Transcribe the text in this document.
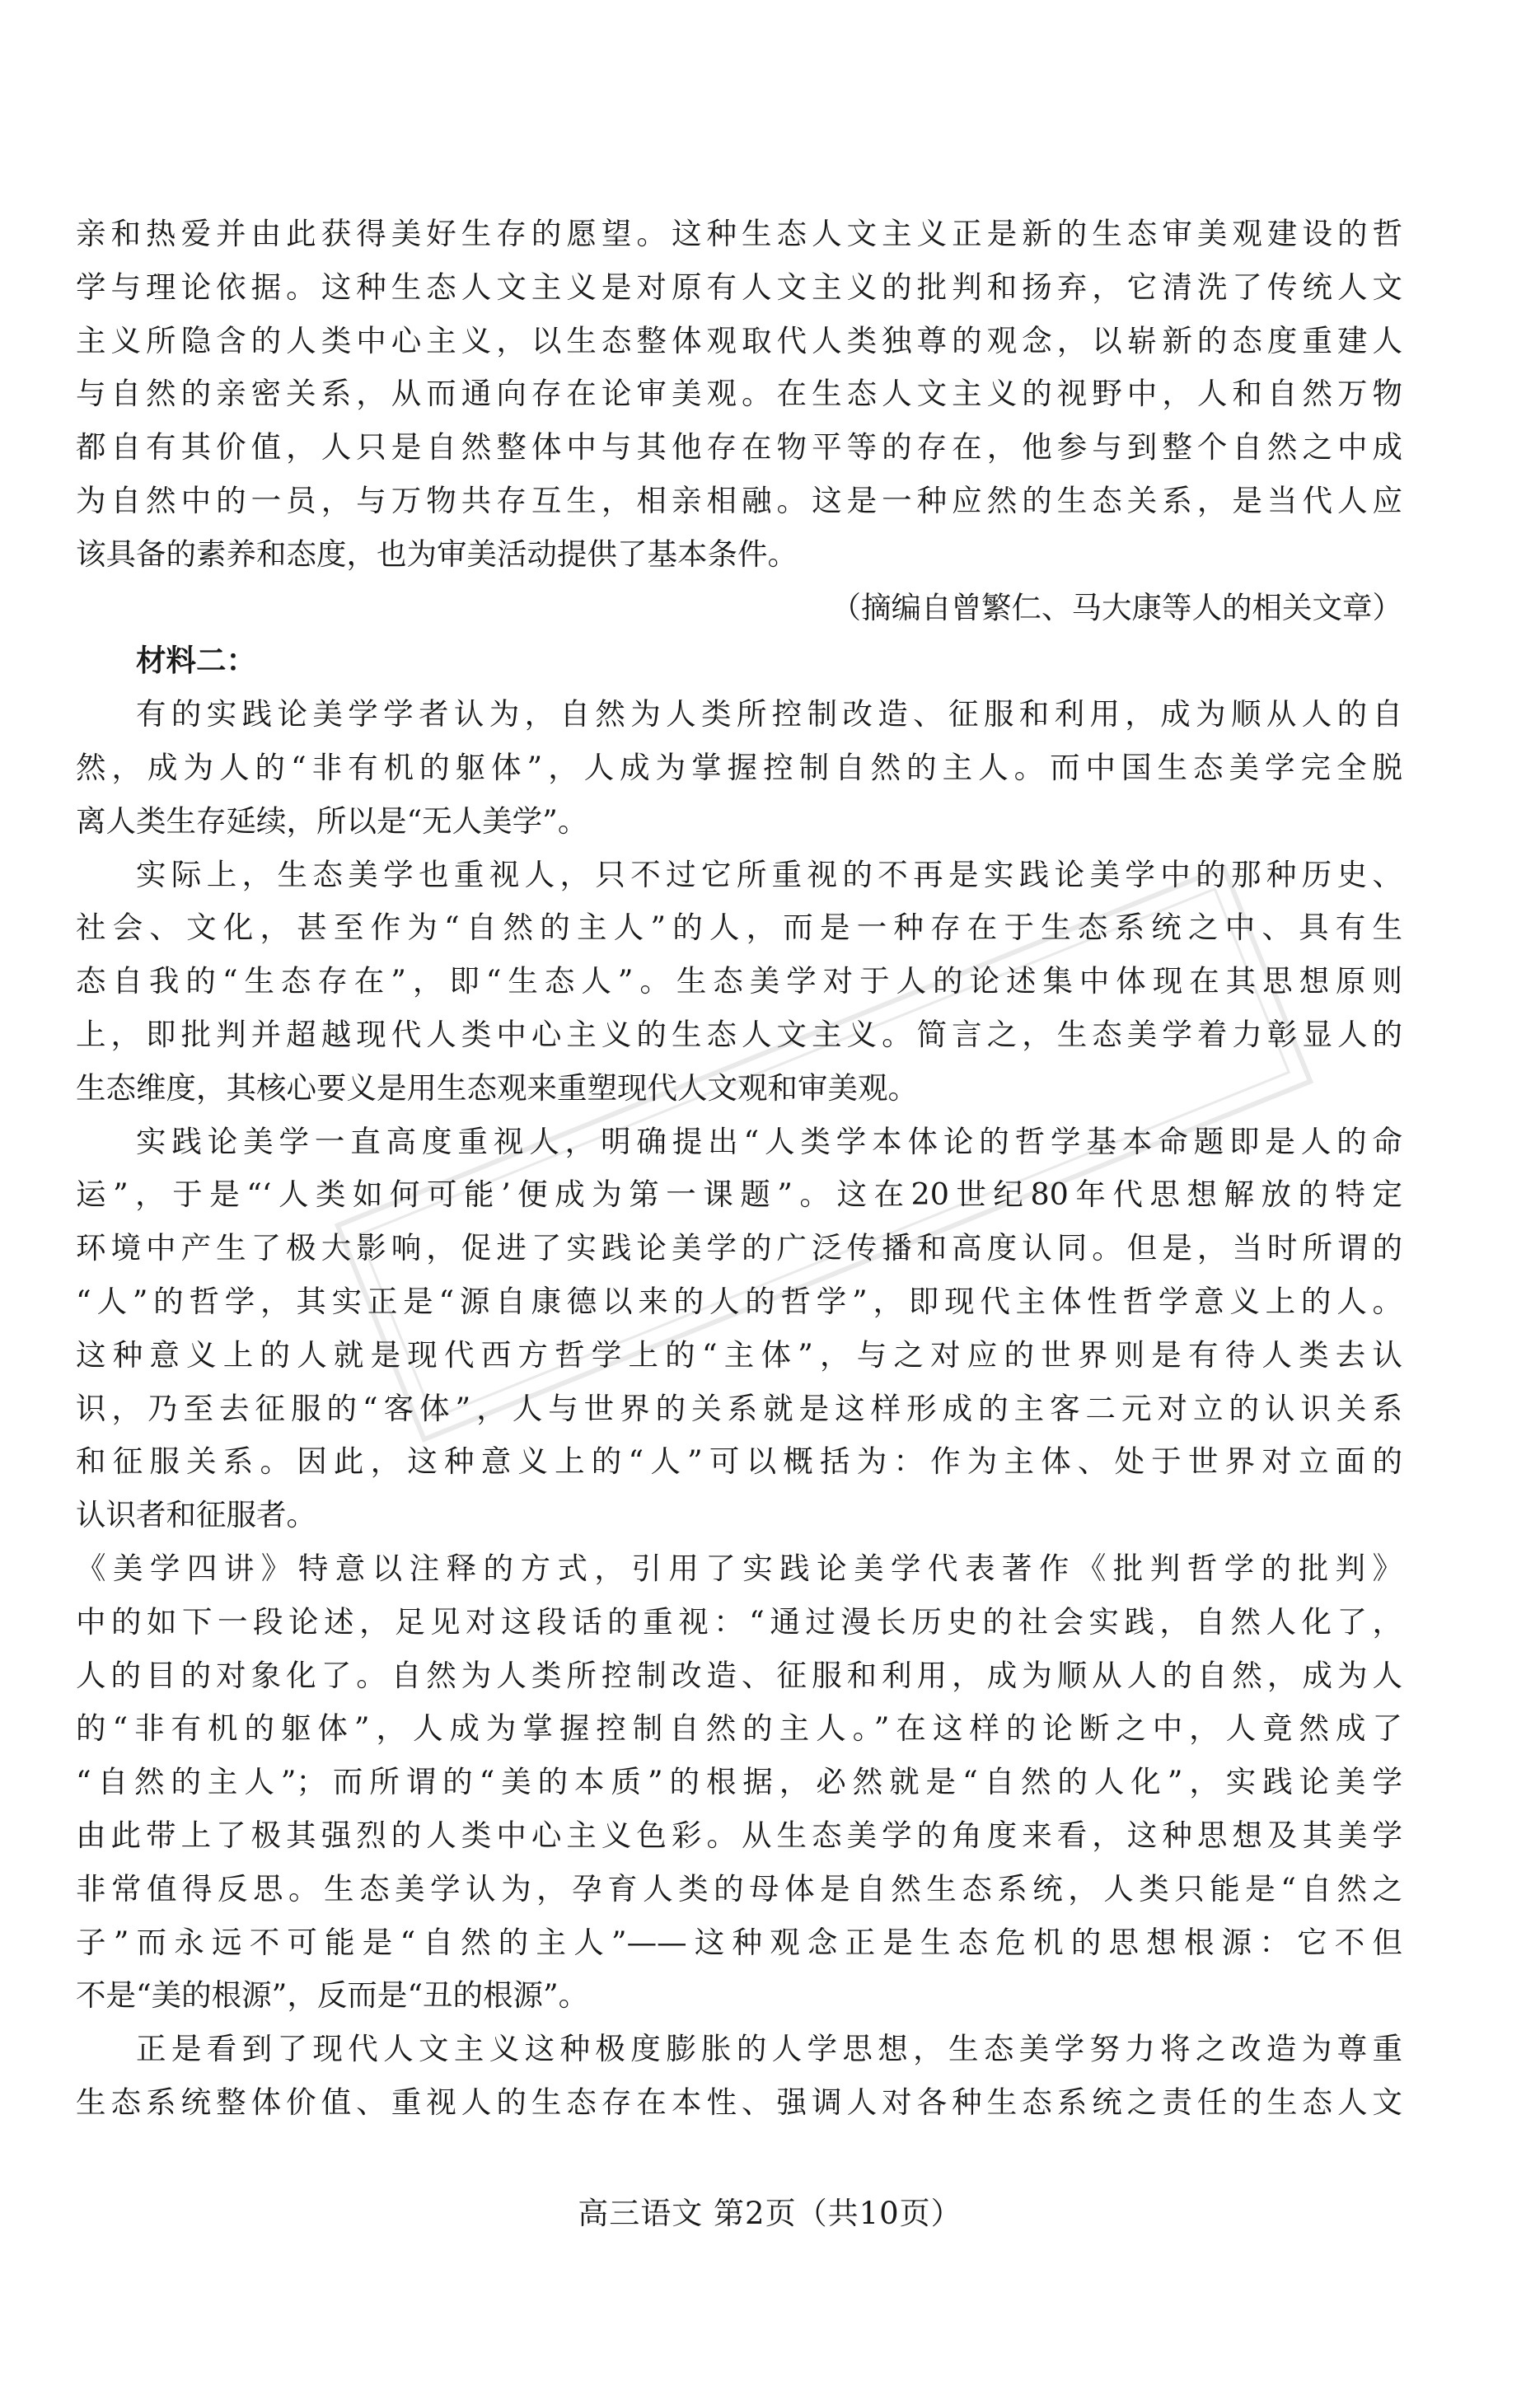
亲和热爱并由此获得美好生存的愿望。这种生态人文主义正是新的生态审美观建设的哲
学与理论依据。这种生态人文主义是对原有人文主义的批判和扬弃，它清洗了传统人文
主义所隐含的人类中心主义，以生态整体观取代人类独尊的观念，以崭新的态度重建人
与自然的亲密关系，从而通向存在论审美观。在生态人文主义的视野中，人和自然万物
都自有其价值，人只是自然整体中与其他存在物平等的存在，他参与到整个自然之中成
为自然中的一员，与万物共存互生，相亲相融。这是一种应然的生态关系，是当代人应
该具备的素养和态度，也为审美活动提供了基本条件。
（摘编自曾繁仁、马大康等人的相关文章）
材料二：
有的实践论美学学者认为，自然为人类所控制改造、征服和利用，成为顺从人的自
然，成为人的“非有机的躯体”，人成为掌握控制自然的主人。而中国生态美学完全脱
离人类生存延续，所以是“无人美学”。
实际上，生态美学也重视人，只不过它所重视的不再是实践论美学中的那种历史、
社会、文化，甚至作为“自然的主人”的人，而是一种存在于生态系统之中、具有生
态自我的“生态存在”，即“生态人”。生态美学对于人的论述集中体现在其思想原则
上，即批判并超越现代人类中心主义的生态人文主义。简言之，生态美学着力彰显人的
生态维度，其核心要义是用生态观来重塑现代人文观和审美观。
实践论美学一直高度重视人，明确提出“人类学本体论的哲学基本命题即是人的命
运”，于是“‘人类如何可能’便成为第一课题”。这在20世纪80年代思想解放的特定
环境中产生了极大影响，促进了实践论美学的广泛传播和高度认同。但是，当时所谓的
“人”的哲学，其实正是“源自康德以来的人的哲学”，即现代主体性哲学意义上的人。
这种意义上的人就是现代西方哲学上的“主体”，与之对应的世界则是有待人类去认
识，乃至去征服的“客体”，人与世界的关系就是这样形成的主客二元对立的认识关系
和征服关系。因此，这种意义上的“人”可以概括为：作为主体、处于世界对立面的
认识者和征服者。
《美学四讲》特意以注释的方式，引用了实践论美学代表著作《批判哲学的批判》
中的如下一段论述，足见对这段话的重视：“通过漫长历史的社会实践，自然人化了，
人的目的对象化了。自然为人类所控制改造、征服和利用，成为顺从人的自然，成为人
的“非有机的躯体”，人成为掌握控制自然的主人。”在这样的论断之中，人竟然成了
“自然的主人”；而所谓的“美的本质”的根据，必然就是“自然的人化”，实践论美学
由此带上了极其强烈的人类中心主义色彩。从生态美学的角度来看，这种思想及其美学
非常值得反思。生态美学认为，孕育人类的母体是自然生态系统，人类只能是“自然之
子”而永远不可能是“自然的主人”——这种观念正是生态危机的思想根源：它不但
不是“美的根源”，反而是“丑的根源”。
正是看到了现代人文主义这种极度膨胀的人学思想，生态美学努力将之改造为尊重
生态系统整体价值、重视人的生态存在本性、强调人对各种生态系统之责任的生态人文
高三语文 第2页（共10页）
